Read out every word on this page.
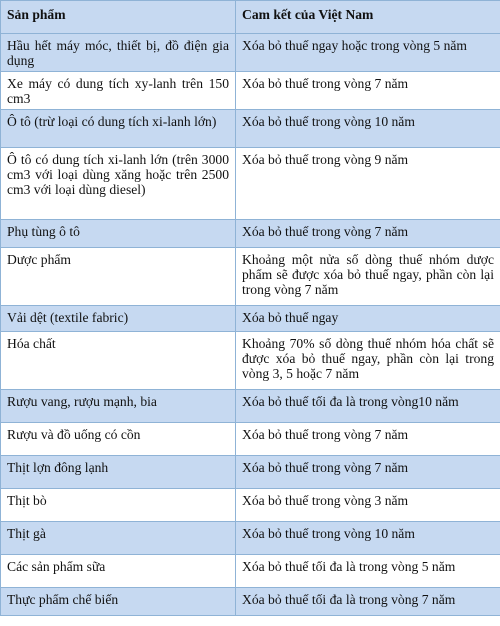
Sản phẩm	Cam kết của Việt Nam
Hầu hết máy móc, thiết bị, đồ điện gia dụng	Xóa bỏ thuế ngay hoặc trong vòng 5 năm
Xe máy có dung tích xy-lanh trên 150 cm3	Xóa bỏ thuế trong vòng 7 năm
Ô tô (trừ loại có dung tích xi-lanh lớn)	Xóa bỏ thuế trong vòng 10 năm
Ô tô có dung tích xi-lanh lớn (trên 3000 cm3 với loại dùng xăng hoặc trên 2500 cm3 với loại dùng diesel)	Xóa bỏ thuế trong vòng 9 năm
Phụ tùng ô tô	Xóa bỏ thuế trong vòng 7 năm
Dược phẩm	Khoảng một nửa số dòng thuế nhóm dược phẩm sẽ được xóa bỏ thuế ngay, phần còn lại trong vòng 7 năm
Vải dệt (textile fabric)	Xóa bỏ thuế ngay
Hóa chất	Khoảng 70% số dòng thuế nhóm hóa chất sẽ được xóa bỏ thuế ngay, phần còn lại trong vòng 3, 5 hoặc 7 năm
Rượu vang, rượu mạnh, bia	Xóa bỏ thuế tối đa là trong vòng10 năm
Rượu và đồ uống có cồn	Xóa bỏ thuế trong vòng 7 năm
Thịt lợn đông lạnh	Xóa bỏ thuế trong vòng 7 năm
Thịt bò	Xóa bỏ thuế trong vòng 3 năm
Thịt gà	Xóa bỏ thuế trong vòng 10 năm
Các sản phẩm sữa	Xóa bỏ thuế tối đa là trong vòng 5 năm
Thực phẩm chế biến	Xóa bỏ thuế tối đa là trong vòng 7 năm
